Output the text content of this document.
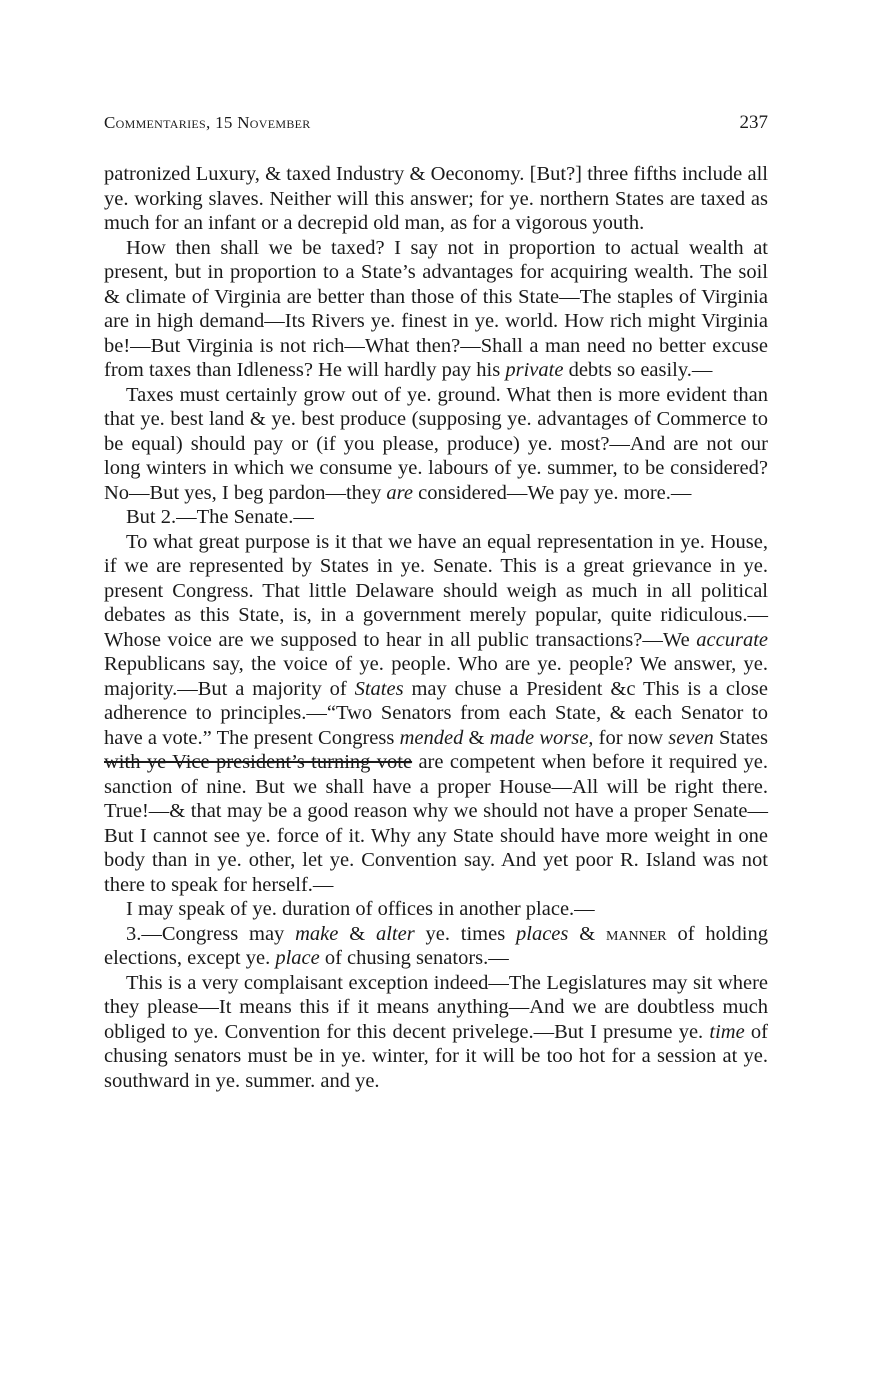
Commentaries, 15 November	237

patronized Luxury, & taxed Industry & Oeconomy. [But?] three fifths include all ye. working slaves. Neither will this answer; for ye. northern States are taxed as much for an infant or a decrepid old man, as for a vigorous youth.

How then shall we be taxed? I say not in proportion to actual wealth at present, but in proportion to a State’s advantages for acquiring wealth. The soil & climate of Virginia are better than those of this State—The staples of Virginia are in high demand—Its Rivers ye. finest in ye. world. How rich might Virginia be!—But Virginia is not rich—What then?—Shall a man need no better excuse from taxes than Idleness? He will hardly pay his private debts so easily.—

Taxes must certainly grow out of ye. ground. What then is more evident than that ye. best land & ye. best produce (supposing ye. advantages of Commerce to be equal) should pay or (if you please, produce) ye. most?—And are not our long winters in which we consume ye. labours of ye. summer, to be considered? No—But yes, I beg pardon—they are considered—We pay ye. more.—

But 2.—The Senate.—

To what great purpose is it that we have an equal representation in ye. House, if we are represented by States in ye. Senate. This is a great grievance in ye. present Congress. That little Delaware should weigh as much in all political debates as this State, is, in a government merely popular, quite ridiculous.—Whose voice are we supposed to hear in all public transactions?—We accurate Republicans say, the voice of ye. people. Who are ye. people? We answer, ye. majority.—But a majority of States may chuse a President &c This is a close adherence to principles.—“Two Senators from each State, & each Senator to have a vote.” The present Congress mended & made worse, for now seven States with ye Vice president’s turning vote are competent when before it required ye. sanction of nine. But we shall have a proper House—All will be right there. True!—& that may be a good reason why we should not have a proper Senate—But I cannot see ye. force of it. Why any State should have more weight in one body than in ye. other, let ye. Convention say. And yet poor R. Island was not there to speak for herself.—

I may speak of ye. duration of offices in another place.—

3.—Congress may make & alter ye. times places & manner of holding elections, except ye. place of chusing senators.—

This is a very complaisant exception indeed—The Legislatures may sit where they please—It means this if it means anything—And we are doubtless much obliged to ye. Convention for this decent privelege.—But I presume ye. time of chusing senators must be in ye. winter, for it will be too hot for a session at ye. southward in ye. summer. and ye.
